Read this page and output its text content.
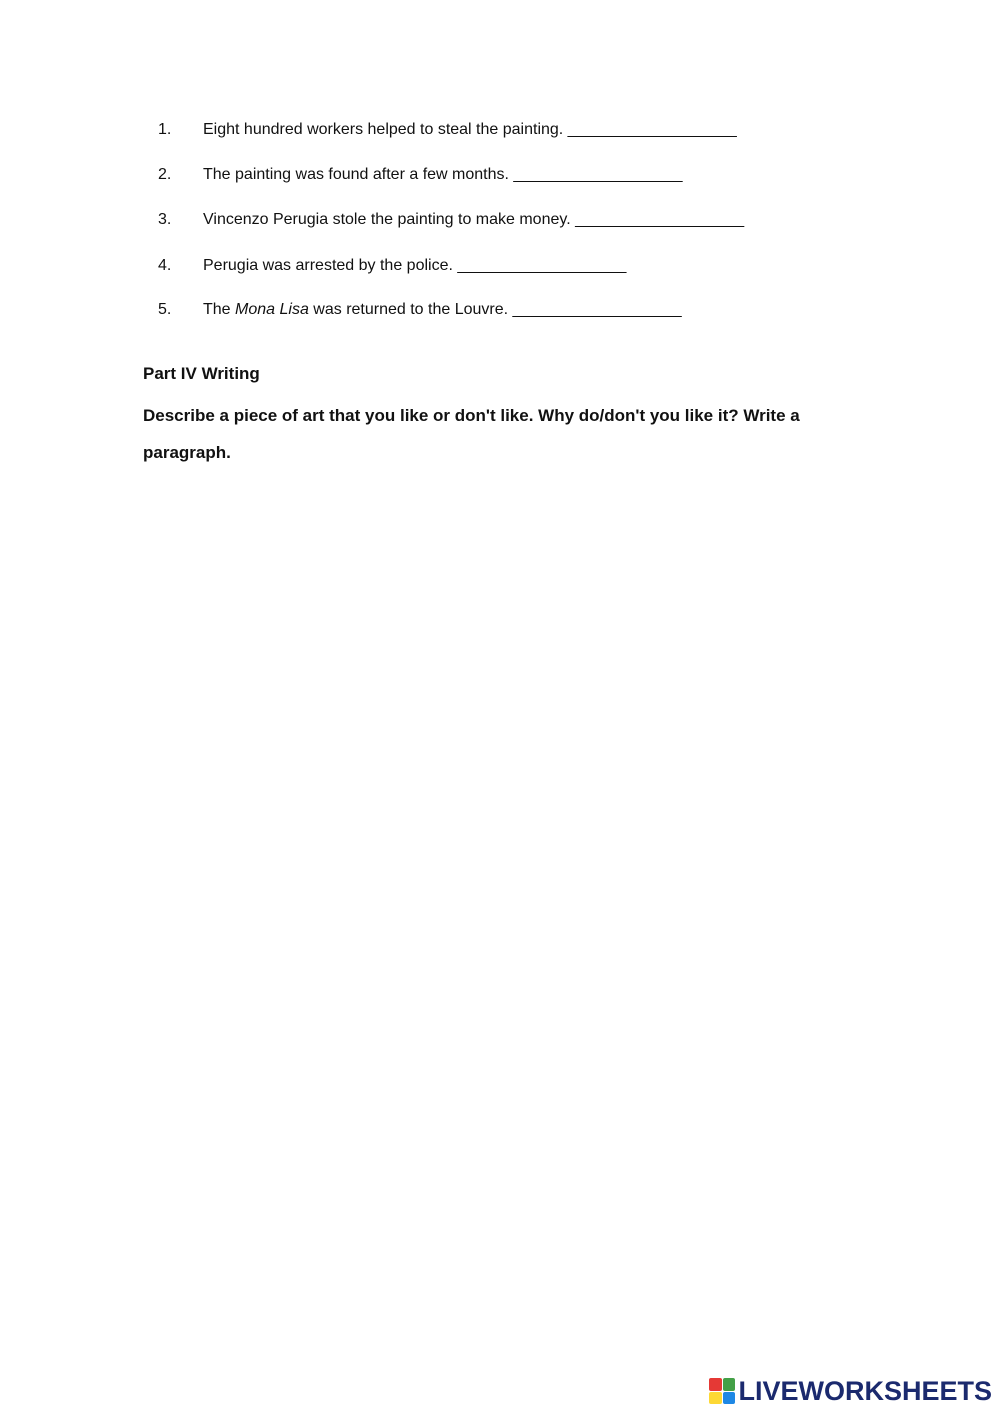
1. Eight hundred workers helped to steal the painting. ___________________
2. The painting was found after a few months. ___________________
3. Vincenzo Perugia stole the painting to make money. ___________________
4. Perugia was arrested by the police. ___________________
5. The Mona Lisa was returned to the Louvre. ___________________
Part IV Writing
Describe a piece of art that you like or don't like. Why do/don't you like it? Write a paragraph.
LIVEWORKSHEETS
